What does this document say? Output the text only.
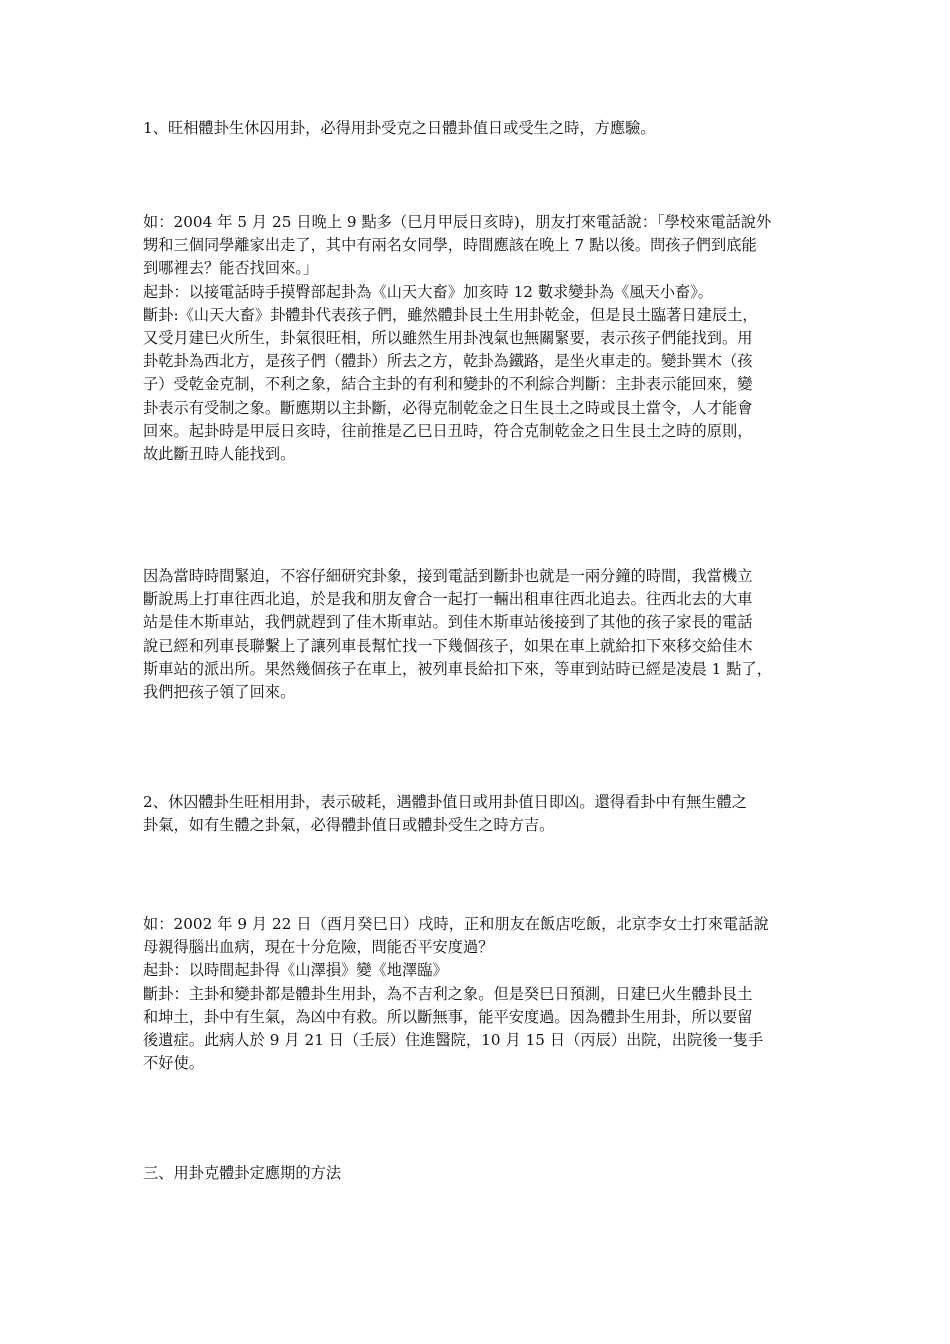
1、旺相體卦生休囚用卦，必得用卦受克之日體卦值日或受生之時，方應驗。
如：2004 年 5 月 25 日晚上 9 點多（巳月甲辰日亥時)，朋友打來電話說：「學校來電話說外
甥和三個同學離家出走了，其中有兩名女同學，時間應該在晚上 7 點以後。問孩子們到底能
到哪裡去？能否找回來。」
起卦：以接電話時手摸臀部起卦為《山天大畜》加亥時 12 數求變卦為《風天小畜》。
斷卦:《山天大畜》卦體卦代表孩子們，雖然體卦艮土生用卦乾金，但是艮土臨著日建辰土，
又受月建巳火所生，卦氣很旺相，所以雖然生用卦洩氣也無關緊要，表示孩子們能找到。用
卦乾卦為西北方，是孩子們（體卦）所去之方，乾卦為鐵路，是坐火車走的。變卦巽木（孩
子）受乾金克制，不利之象，結合主卦的有利和變卦的不利綜合判斷：主卦表示能回來，變
卦表示有受制之象。斷應期以主卦斷，必得克制乾金之日生艮土之時或艮土當令，人才能會
回來。起卦時是甲辰日亥時，往前推是乙巳日丑時，符合克制乾金之日生艮土之時的原則，
故此斷丑時人能找到。
因為當時時間緊迫，不容仔細研究卦象，接到電話到斷卦也就是一兩分鐘的時間，我當機立
斷說馬上打車往西北追，於是我和朋友會合一起打一輛出租車往西北追去。往西北去的大車
站是佳木斯車站，我們就趕到了佳木斯車站。到佳木斯車站後接到了其他的孩子家長的電話
說已經和列車長聯繫上了讓列車長幫忙找一下幾個孩子，如果在車上就給扣下來移交給佳木
斯車站的派出所。果然幾個孩子在車上，被列車長給扣下來，等車到站時已經是凌晨 1 點了，
我們把孩子領了回來。
2、休囚體卦生旺相用卦，表示破耗，遇體卦值日或用卦值日即凶。還得看卦中有無生體之
卦氣，如有生體之卦氣，必得體卦值日或體卦受生之時方吉。
如：2002 年 9 月 22 日（酉月癸巳日）戌時，正和朋友在飯店吃飯，北京李女士打來電話說
母親得腦出血病，現在十分危險，問能否平安度過？
起卦：以時間起卦得《山澤損》變《地澤臨》
斷卦：主卦和變卦都是體卦生用卦，為不吉利之象。但是癸巳日預測，日建巳火生體卦艮土
和坤土，卦中有生氣，為凶中有救。所以斷無事，能平安度過。因為體卦生用卦，所以要留
後遺症。此病人於 9 月 21 日（壬辰）住進醫院，10 月 15 日（丙辰）出院，出院後一隻手
不好使。
三、用卦克體卦定應期的方法
